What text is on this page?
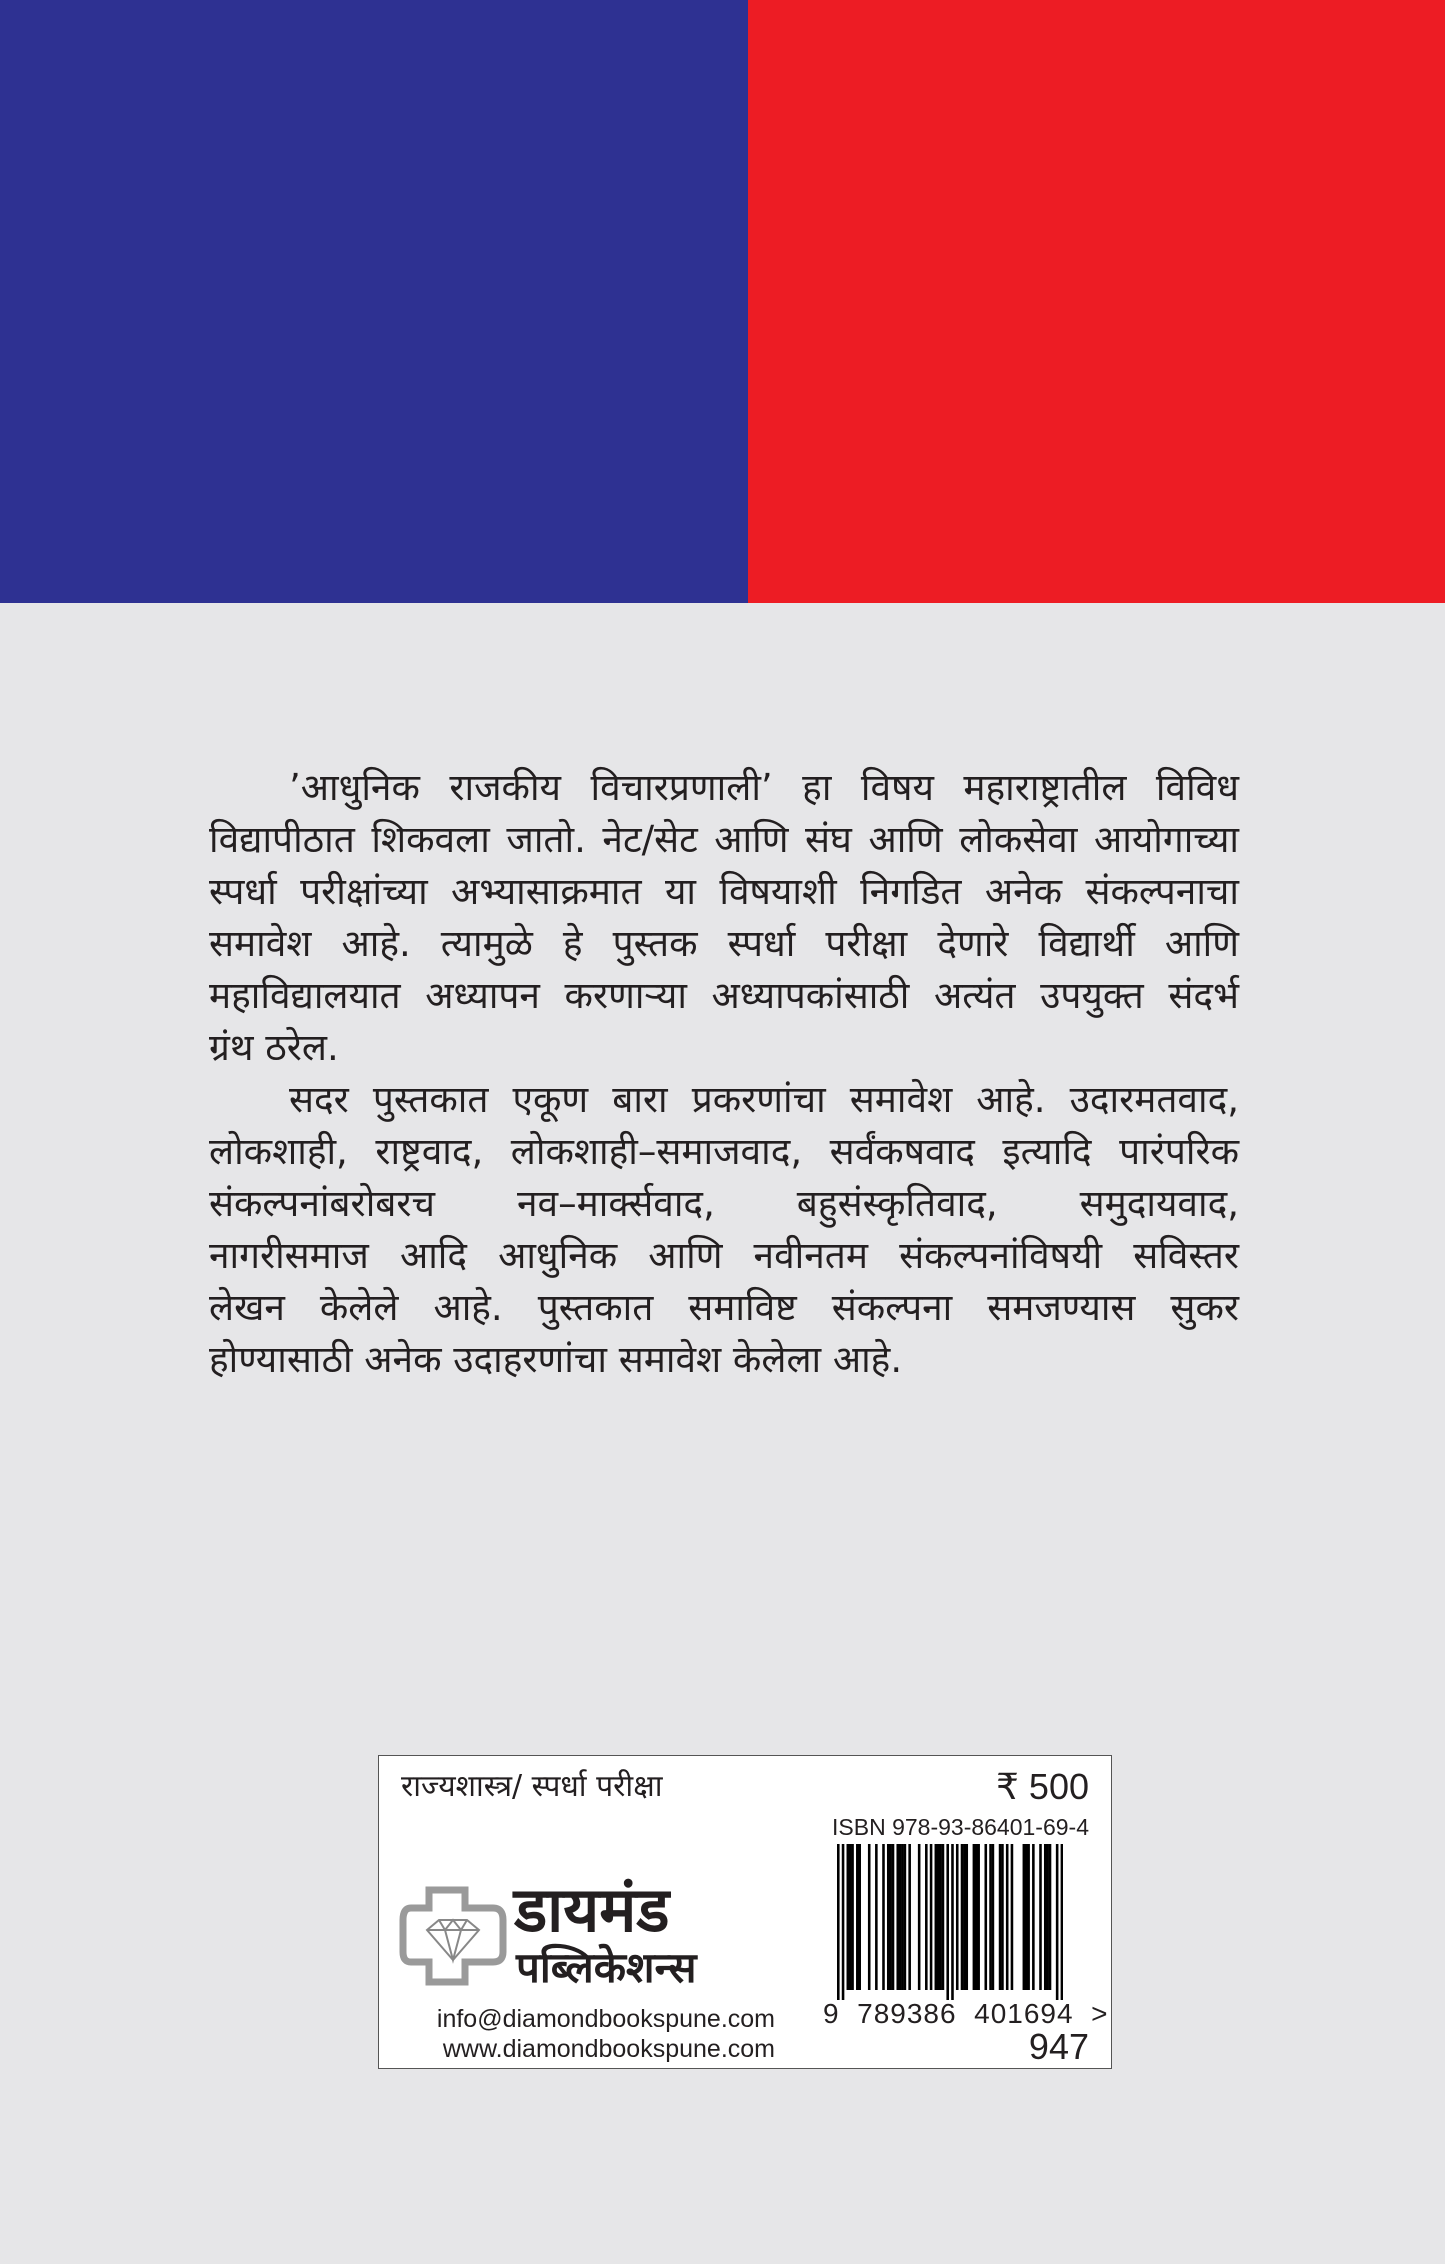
’आधुनिक राजकीय विचारप्रणाली’ हा विषय महाराष्ट्रातील विविध
विद्यापीठात शिकवला जातो. नेट/सेट आणि संघ आणि लोकसेवा आयोगाच्या
स्पर्धा परीक्षांच्या अभ्यासाक्रमात या विषयाशी निगडित अनेक संकल्पनाचा
समावेश आहे. त्यामुळे हे पुस्तक स्पर्धा परीक्षा देणारे विद्यार्थी आणि
महाविद्यालयात अध्यापन करणाऱ्या अध्यापकांसाठी अत्यंत उपयुक्त संदर्भ
ग्रंथ ठरेल.
सदर पुस्तकात एकूण बारा प्रकरणांचा समावेश आहे. उदारमतवाद,
लोकशाही, राष्ट्रवाद, लोकशाही–समाजवाद, सर्वंकषवाद इत्यादि पारंपरिक
संकल्पनांबरोबरच नव–मार्क्सवाद, बहुसंस्कृतिवाद, समुदायवाद,
नागरीसमाज आदि आधुनिक आणि नवीनतम संकल्पनांविषयी सविस्तर
लेखन केलेले आहे. पुस्तकात समाविष्ट संकल्पना समजण्यास सुकर
होण्यासाठी अनेक उदाहरणांचा समावेश केलेला आहे.
राज्यशास्त्र/ स्पर्धा परीक्षा	₹ 500
ISBN 978-93-86401-69-4
9  789386  401694  >
947
डायमंड
पब्लिकेशन्स
info@diamondbookspune.com
www.diamondbookspune.com
